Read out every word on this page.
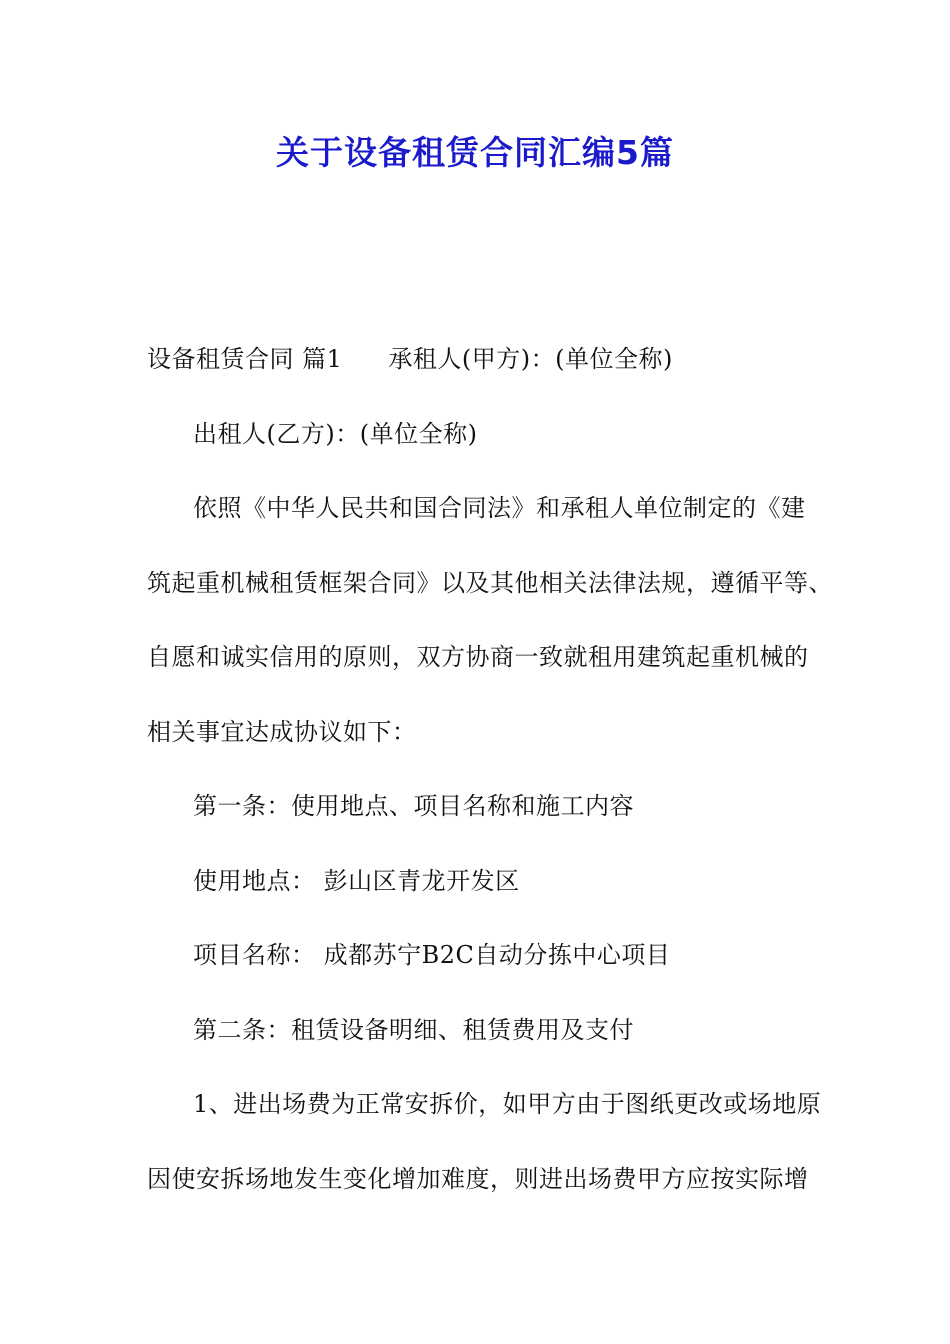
关于设备租赁合同汇编5篇
设备租赁合同 篇1 承租人(甲方)：(单位全称)
出租人(乙方)：(单位全称)
依照《中华人民共和国合同法》和承租人单位制定的《建
筑起重机械租赁框架合同》以及其他相关法律法规，遵循平等、
自愿和诚实信用的原则，双方协商一致就租用建筑起重机械的
相关事宜达成协议如下：
第一条：使用地点、项目名称和施工内容
使用地点： 彭山区青龙开发区
项目名称： 成都苏宁B2C自动分拣中心项目
第二条：租赁设备明细、租赁费用及支付
1、进出场费为正常安拆价，如甲方由于图纸更改或场地原
因使安拆场地发生变化增加难度，则进出场费甲方应按实际增
